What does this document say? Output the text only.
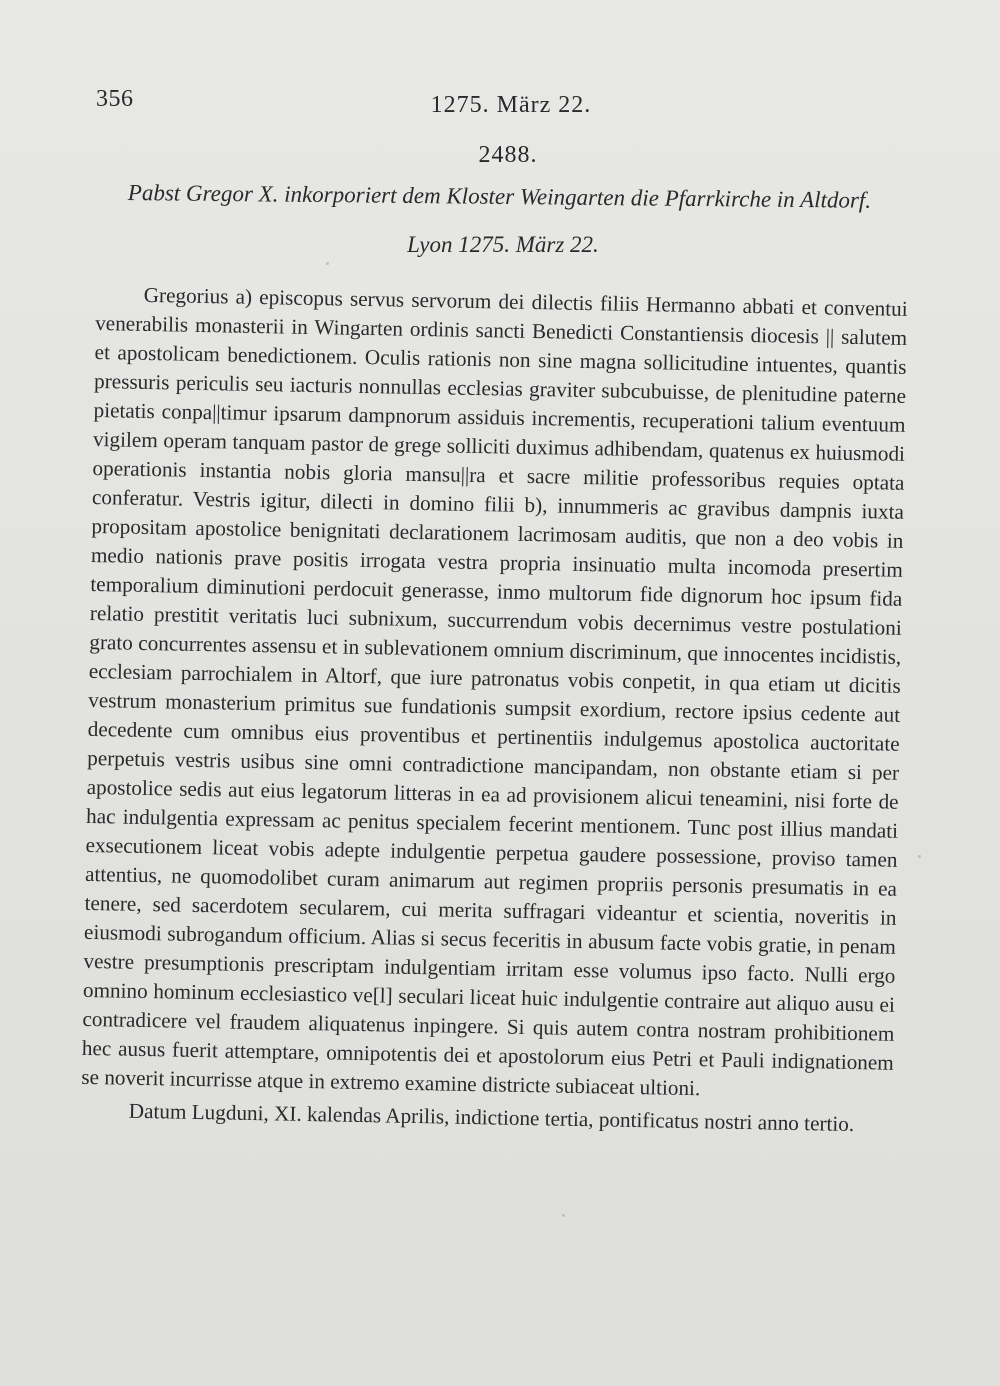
356	1275. März 22.
2488.
Pabst Gregor X. inkorporiert dem Kloster Weingarten die Pfarrkirche in Altdorf.
Lyon 1275. März 22.

Gregorius a) episcopus servus servorum dei dilectis filiis Hermanno abbati et conventui venerabilis monasterii in Wingarten ordinis sancti Benedicti Constantiensis diocesis || salutem et apostolicam benedictionem. Oculis rationis non sine magna sollicitudine intuentes, quantis pressuris periculis seu iacturis nonnullas ecclesias graviter subcubuisse, de plenitudine paterne pietatis conpa||timur ipsarum dampnorum assiduis incrementis, recuperationi talium eventuum vigilem operam tanquam pastor de grege solliciti duximus adhibendam, quatenus ex huiusmodi operationis instantia nobis gloria mansu||ra et sacre militie professoribus requies optata conferatur. Vestris igitur, dilecti in domino filii b), innummeris ac gravibus dampnis iuxta propositam apostolice benignitati declarationem lacrimosam auditis, que non a deo vobis in medio nationis prave positis irrogata vestra propria insinuatio multa incomoda presertim temporalium diminutioni perdocuit generasse, inmo multorum fide dignorum hoc ipsum fida relatio prestitit veritatis luci subnixum, succurrendum vobis decernimus vestre postulationi grato concurrentes assensu et in sublevationem omnium discriminum, que innocentes incidistis, ecclesiam parrochialem in Altorf, que iure patronatus vobis conpetit, in qua etiam ut dicitis vestrum monasterium primitus sue fundationis sumpsit exordium, rectore ipsius cedente aut decedente cum omnibus eius proventibus et pertinentiis indulgemus apostolica auctoritate perpetuis vestris usibus sine omni contradictione mancipandam, non obstante etiam si per apostolice sedis aut eius legatorum litteras in ea ad provisionem alicui teneamini, nisi forte de hac indulgentia expressam ac penitus specialem fecerint mentionem. Tunc post illius mandati exsecutionem liceat vobis adepte indulgentie perpetua gaudere possessione, proviso tamen attentius, ne quomodolibet curam animarum aut regimen propriis personis presumatis in ea tenere, sed sacerdotem secularem, cui merita suffragari videantur et scientia, noveritis in eiusmodi subrogandum officium. Alias si secus feceritis in abusum facte vobis gratie, in penam vestre presumptionis prescriptam indulgentiam irritam esse volumus ipso facto. Nulli ergo omnino hominum ecclesiastico ve[l] seculari liceat huic indulgentie contraire aut aliquo ausu ei contradicere vel fraudem aliquatenus inpingere. Si quis autem contra nostram prohibitionem hec ausus fuerit attemptare, omnipotentis dei et apostolorum eius Petri et Pauli indignationem se noverit incurrisse atque in extremo examine districte subiaceat ultioni.

Datum Lugduni, XI. kalendas Aprilis, indictione tertia, pontificatus nostri anno tertio.
